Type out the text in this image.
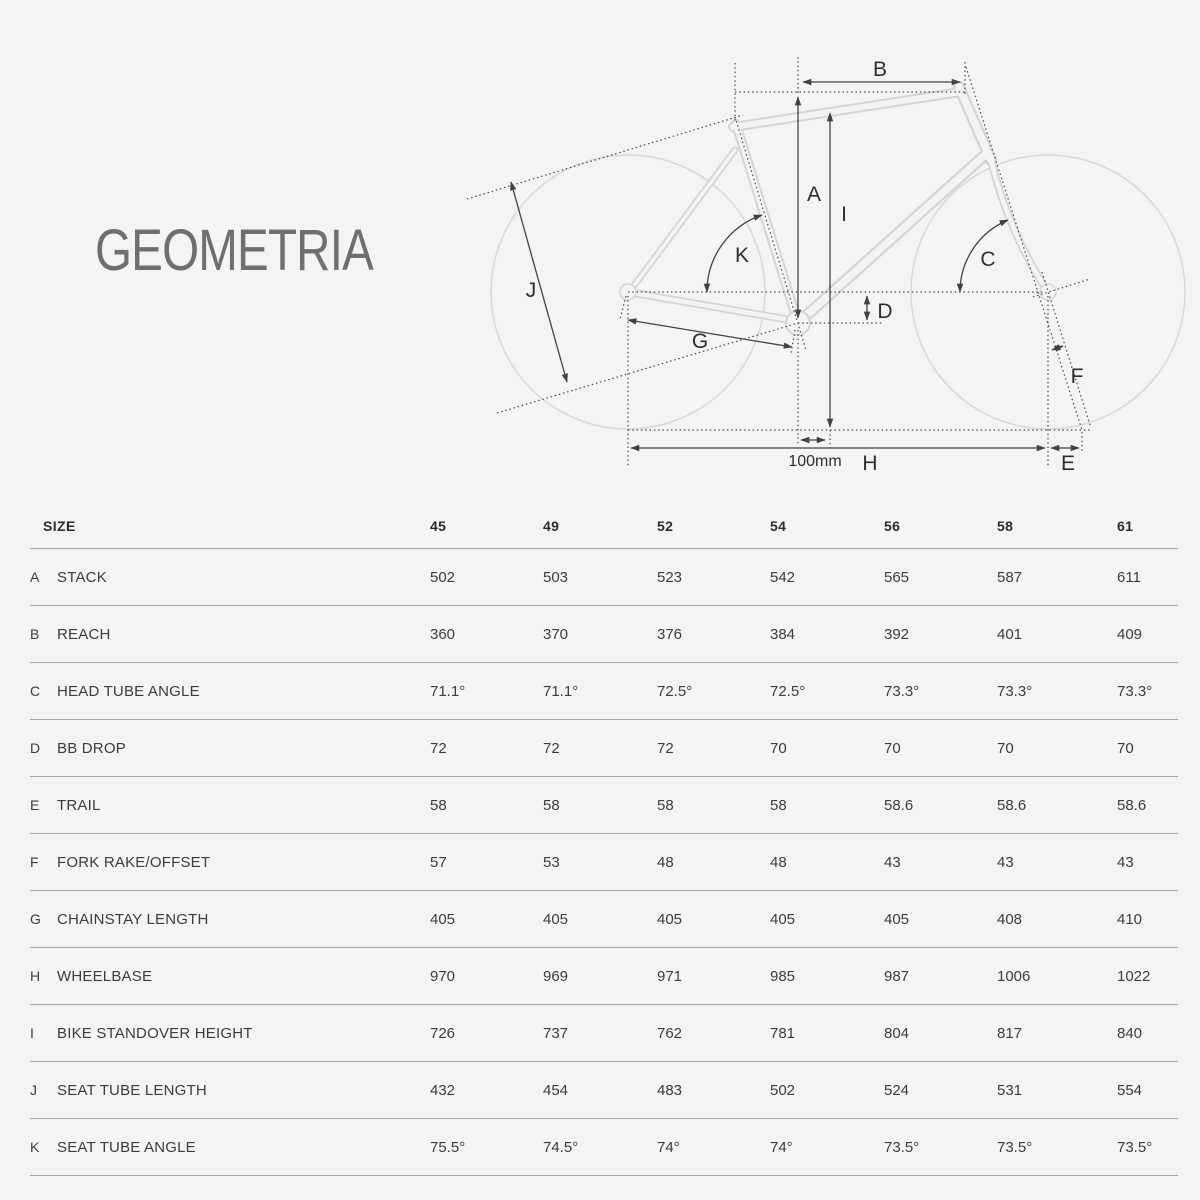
GEOMETRIA
A
B
C
D
E
F
G
H
I
J
K
100mm
SIZE	45	49	52	54	56	58	61
A STACK	502	503	523	542	565	587	611
B REACH	360	370	376	384	392	401	409
C HEAD TUBE ANGLE	71.1°	71.1°	72.5°	72.5°	73.3°	73.3°	73.3°
D BB DROP	72	72	72	70	70	70	70
E TRAIL	58	58	58	58	58.6	58.6	58.6
F FORK RAKE/OFFSET	57	53	48	48	43	43	43
G CHAINSTAY LENGTH	405	405	405	405	405	408	410
H WHEELBASE	970	969	971	985	987	1006	1022
I BIKE STANDOVER HEIGHT	726	737	762	781	804	817	840
J SEAT TUBE LENGTH	432	454	483	502	524	531	554
K SEAT TUBE ANGLE	75.5°	74.5°	74°	74°	73.5°	73.5°	73.5°
